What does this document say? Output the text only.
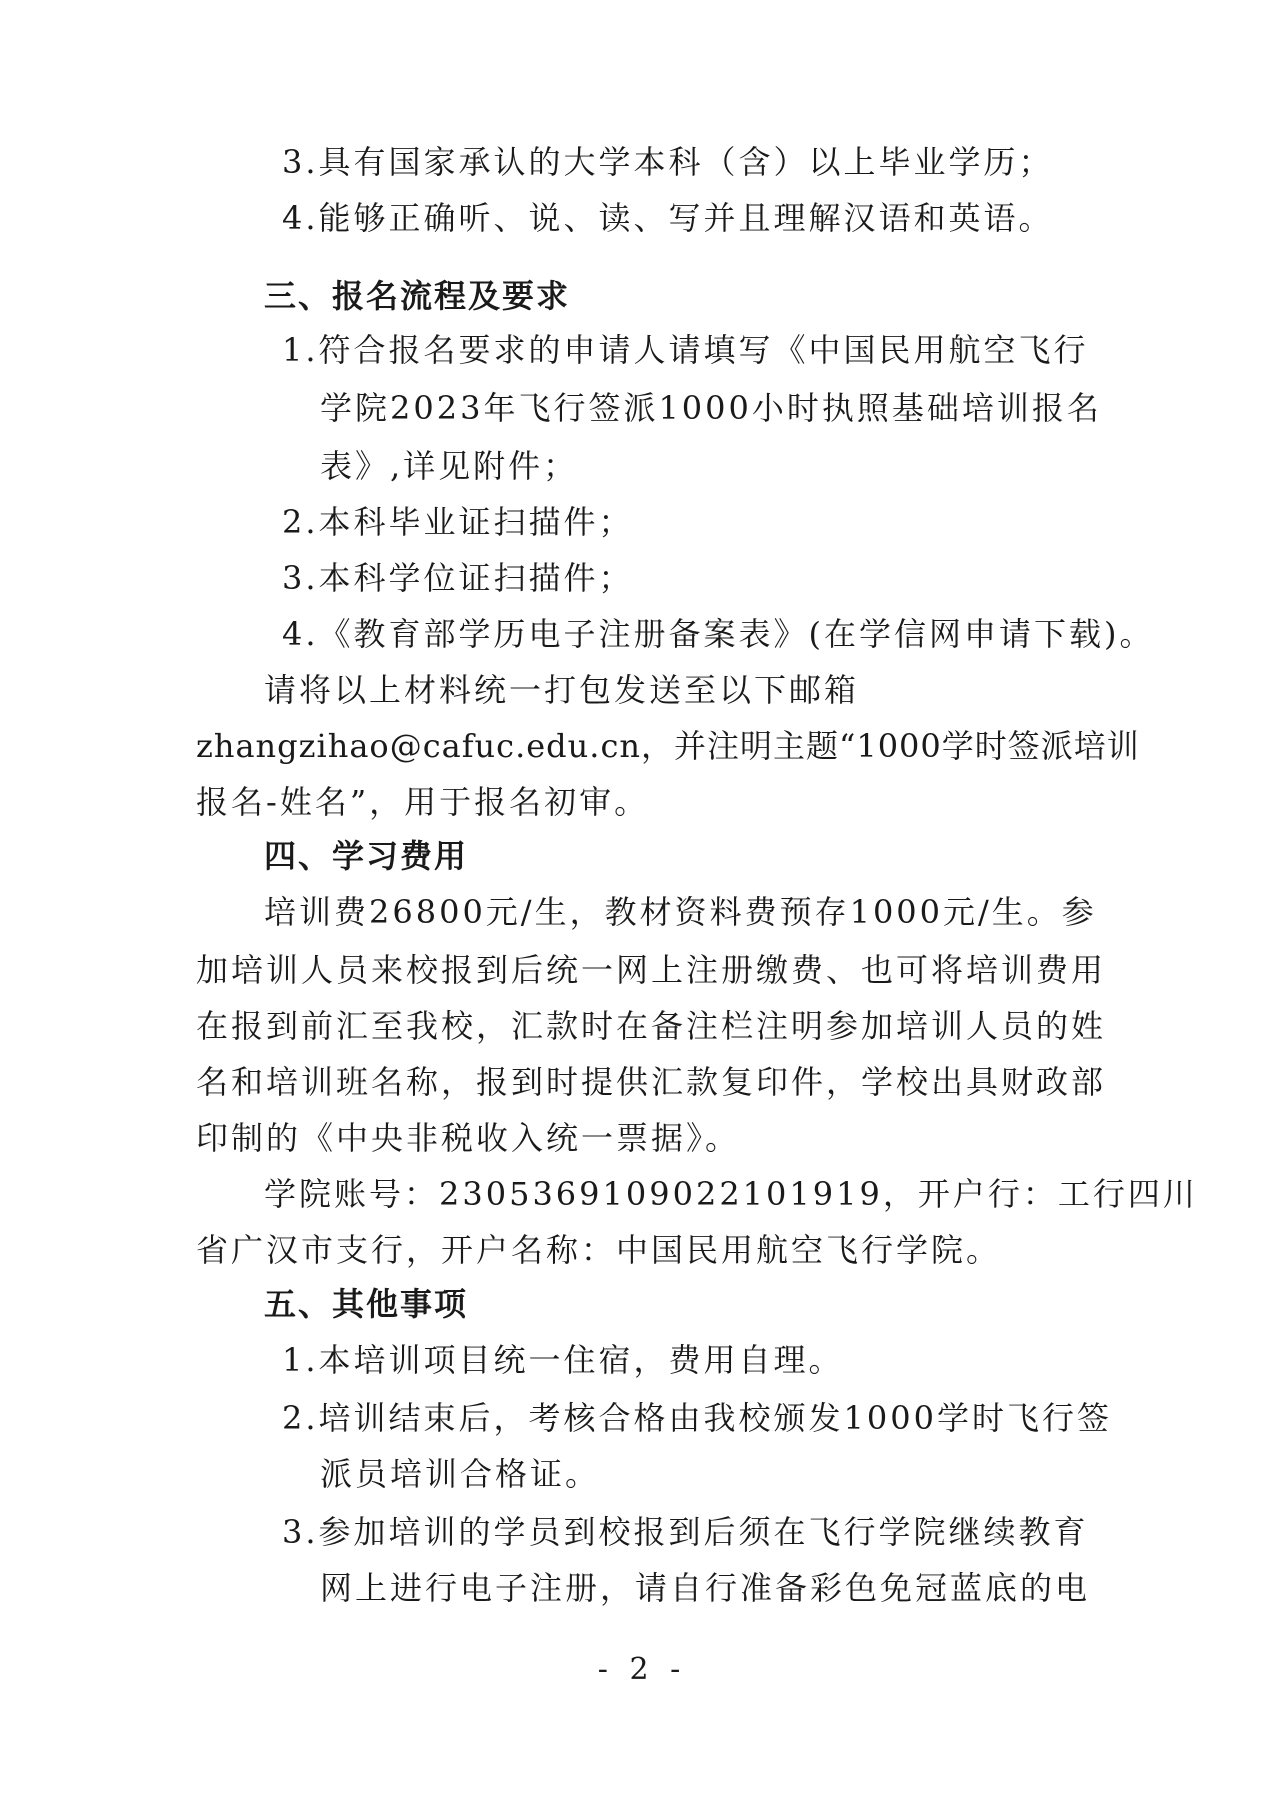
3.具有国家承认的大学本科（含）以上毕业学历；
4.能够正确听、说、读、写并且理解汉语和英语。
三、报名流程及要求
1.符合报名要求的申请人请填写《中国民用航空飞行
学院2023年飞行签派1000小时执照基础培训报名
表》,详见附件；
2.本科毕业证扫描件；
3.本科学位证扫描件；
4.《教育部学历电子注册备案表》(在学信网申请下载)。
请将以上材料统一打包发送至以下邮箱
zhangzihao@cafuc.edu.cn，并注明主题“1000学时签派培训
报名-姓名”，用于报名初审。
四、学习费用
培训费26800元/生，教材资料费预存1000元/生。参
加培训人员来校报到后统一网上注册缴费、也可将培训费用
在报到前汇至我校，汇款时在备注栏注明参加培训人员的姓
名和培训班名称，报到时提供汇款复印件，学校出具财政部
印制的《中央非税收入统一票据》。
学院账号：2305369109022101919，开户行：工行四川
省广汉市支行，开户名称：中国民用航空飞行学院。
五、其他事项
1.本培训项目统一住宿，费用自理。
2.培训结束后，考核合格由我校颁发1000学时飞行签
派员培训合格证。
3.参加培训的学员到校报到后须在飞行学院继续教育
网上进行电子注册，请自行准备彩色免冠蓝底的电
- 2 -
